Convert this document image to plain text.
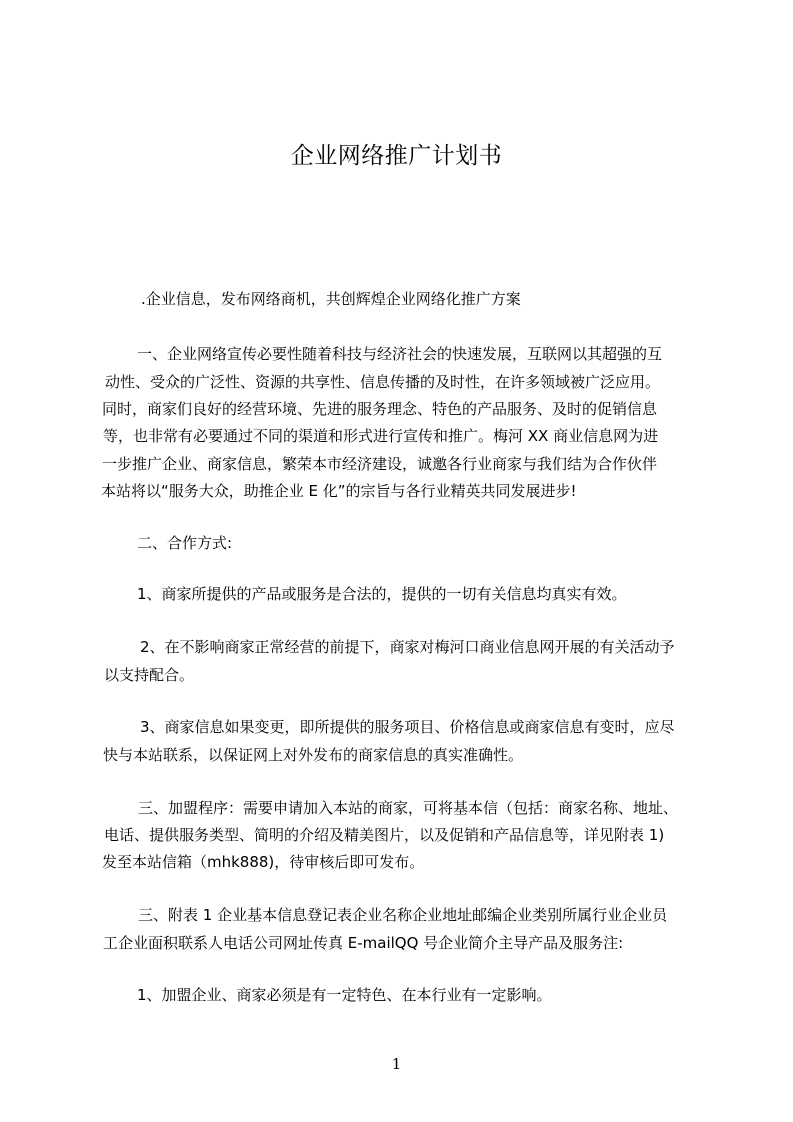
企业网络推广计划书
.企业信息，发布网络商机，共创辉煌企业网络化推广方案
一、企业网络宣传必要性随着科技与经济社会的快速发展，互联网以其超强的互
动性、受众的广泛性、资源的共享性、信息传播的及时性，在许多领域被广泛应用。
同时，商家们良好的经营环境、先进的服务理念、特色的产品服务、及时的促销信息
等，也非常有必要通过不同的渠道和形式进行宣传和推广。梅河 XX 商业信息网为进
一步推广企业、商家信息，繁荣本市经济建设，诚邀各行业商家与我们结为合作伙伴
本站将以“服务大众，助推企业 E 化”的宗旨与各行业精英共同发展进步!
二、合作方式:
1、商家所提供的产品或服务是合法的，提供的一切有关信息均真实有效。
2、在不影响商家正常经营的前提下，商家对梅河口商业信息网开展的有关活动予
以支持配合。
3、商家信息如果变更，即所提供的服务项目、价格信息或商家信息有变时，应尽
快与本站联系，以保证网上对外发布的商家信息的真实准确性。
三、加盟程序：需要申请加入本站的商家，可将基本信（包括：商家名称、地址、
电话、提供服务类型、简明的介绍及精美图片，以及促销和产品信息等，详见附表 1)
发至本站信箱（mhk888)，待审核后即可发布。
三、附表 1 企业基本信息登记表企业名称企业地址邮编企业类别所属行业企业员
工企业面积联系人电话公司网址传真 E-mailQQ 号企业简介主导产品及服务注:
1、加盟企业、商家必须是有一定特色、在本行业有一定影响。
1
